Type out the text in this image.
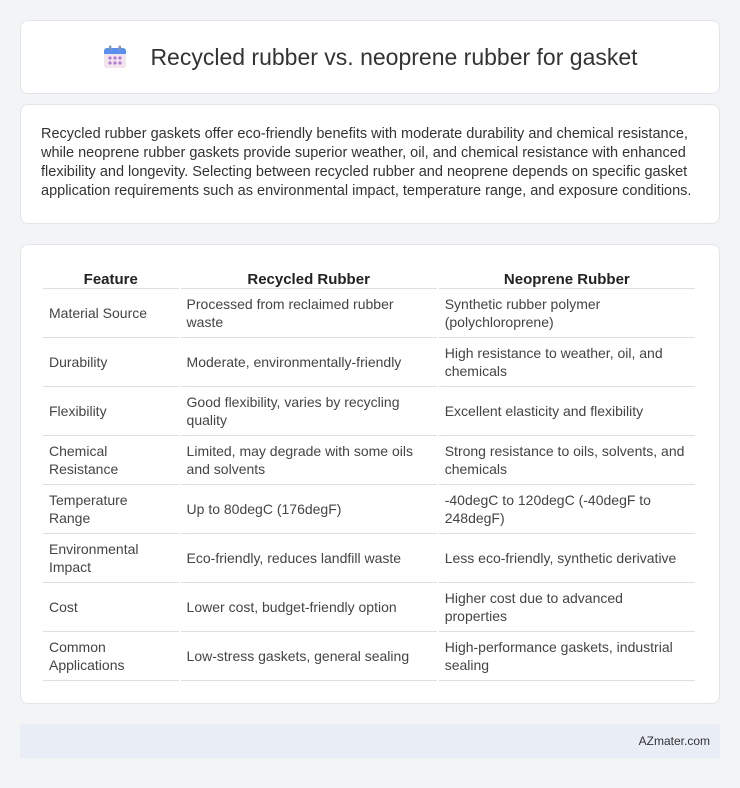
Recycled rubber vs. neoprene rubber for gasket

Recycled rubber gaskets offer eco-friendly benefits with moderate durability and chemical resistance, while neoprene rubber gaskets provide superior weather, oil, and chemical resistance with enhanced flexibility and longevity. Selecting between recycled rubber and neoprene depends on specific gasket application requirements such as environmental impact, temperature range, and exposure conditions.

Feature	Recycled Rubber	Neoprene Rubber
Material Source	Processed from reclaimed rubber waste	Synthetic rubber polymer (polychloroprene)
Durability	Moderate, environmentally-friendly	High resistance to weather, oil, and chemicals
Flexibility	Good flexibility, varies by recycling quality	Excellent elasticity and flexibility
Chemical Resistance	Limited, may degrade with some oils and solvents	Strong resistance to oils, solvents, and chemicals
Temperature Range	Up to 80degC (176degF)	-40degC to 120degC (-40degF to 248degF)
Environmental Impact	Eco-friendly, reduces landfill waste	Less eco-friendly, synthetic derivative
Cost	Lower cost, budget-friendly option	Higher cost due to advanced properties
Common Applications	Low-stress gaskets, general sealing	High-performance gaskets, industrial sealing
AZmater.com
